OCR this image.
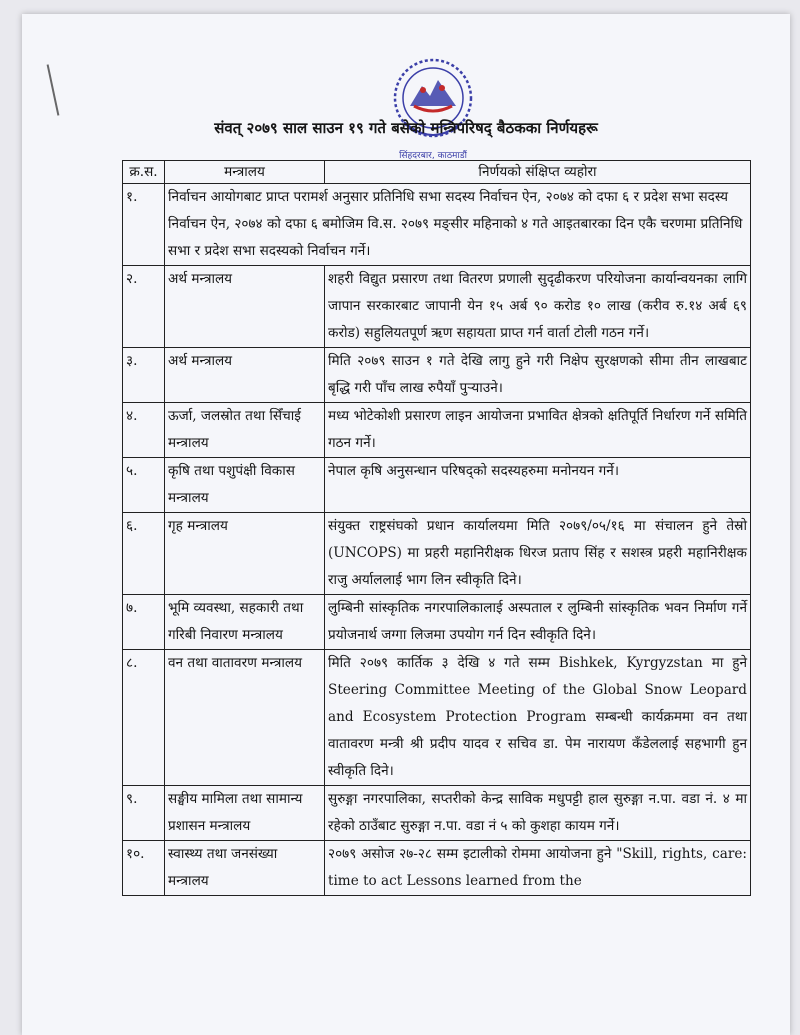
सिंहदरबार, काठमाडौं
संवत् २०७९ साल साउन १९ गते बसेको मन्त्रिपरिषद् बैठकका निर्णयहरू
क्र.स.	मन्त्रालय	निर्णयको संक्षिप्त व्यहोरा
१.	निर्वाचन आयोगबाट प्राप्त परामर्श अनुसार प्रतिनिधि सभा सदस्य निर्वाचन ऐन, २०७४ को दफा ६ र प्रदेश सभा सदस्य निर्वाचन ऐन, २०७४ को दफा ६ बमोजिम वि.स. २०७९ मङ्सीर महिनाको ४ गते आइतबारका दिन एकै चरणमा प्रतिनिधि सभा र प्रदेश सभा सदस्यको निर्वाचन गर्ने।	
२.	अर्थ मन्त्रालय	शहरी विद्युत प्रसारण तथा वितरण प्रणाली सुदृढीकरण परियोजना कार्यान्वयनका लागि जापान सरकारबाट जापानी येन १५ अर्ब ९० करोड १० लाख (करीव रु.१४ अर्ब ६९ करोड) सहुलियतपूर्ण ऋण सहायता प्राप्त गर्न वार्ता टोली गठन गर्ने।
३.	अर्थ मन्त्रालय	मिति २०७९ साउन १ गते देखि लागु हुने गरी निक्षेप सुरक्षणको सीमा तीन लाखबाट बृद्धि गरी पाँच लाख रुपैयाँ पुऱ्याउने।
४.	ऊर्जा, जलस्रोत तथा सिँचाई मन्त्रालय	मध्य भोटेकोशी प्रसारण लाइन आयोजना प्रभावित क्षेत्रको क्षतिपूर्ति निर्धारण गर्ने समिति गठन गर्ने।
५.	कृषि तथा पशुपंक्षी विकास मन्त्रालय	नेपाल कृषि अनुसन्धान परिषद्को सदस्यहरुमा मनोनयन गर्ने।
६.	गृह मन्त्रालय	संयुक्त राष्ट्रसंघको प्रधान कार्यालयमा मिति २०७९/०५/१६ मा संचालन हुने तेस्रो (UNCOPS) मा प्रहरी महानिरीक्षक धिरज प्रताप सिंह र सशस्त्र प्रहरी महानिरीक्षक राजु अर्याललाई भाग लिन स्वीकृति दिने।
७.	भूमि व्यवस्था, सहकारी तथा गरिबी निवारण मन्त्रालय	लुम्बिनी सांस्कृतिक नगरपालिकालाई अस्पताल र लुम्बिनी सांस्कृतिक भवन निर्माण गर्ने प्रयोजनार्थ जग्गा लिजमा उपयोग गर्न दिन स्वीकृति दिने।
८.	वन तथा वातावरण मन्त्रालय	मिति २०७९ कार्तिक ३ देखि ४ गते सम्म Bishkek, Kyrgyzstan मा हुने Steering Committee Meeting of the Global Snow Leopard and Ecosystem Protection Program सम्बन्धी कार्यक्रममा वन तथा वातावरण मन्त्री श्री प्रदीप यादव र सचिव डा. पेम नारायण कँडेललाई सहभागी हुन स्वीकृति दिने।
९.	सङ्घीय मामिला तथा सामान्य प्रशासन मन्त्रालय	सुरुङ्गा नगरपालिका, सप्तरीको केन्द्र साविक मधुपट्टी हाल सुरुङ्गा न.पा. वडा नं. ४ मा रहेको ठाउँबाट सुरुङ्गा न.पा. वडा नं ५ को कुशहा कायम गर्ने।
१०.	स्वास्थ्य तथा जनसंख्या मन्त्रालय	२०७९ असोज २७-२८ सम्म इटालीको रोममा आयोजना हुने "Skill, rights, care: time to act Lessons learned from the
